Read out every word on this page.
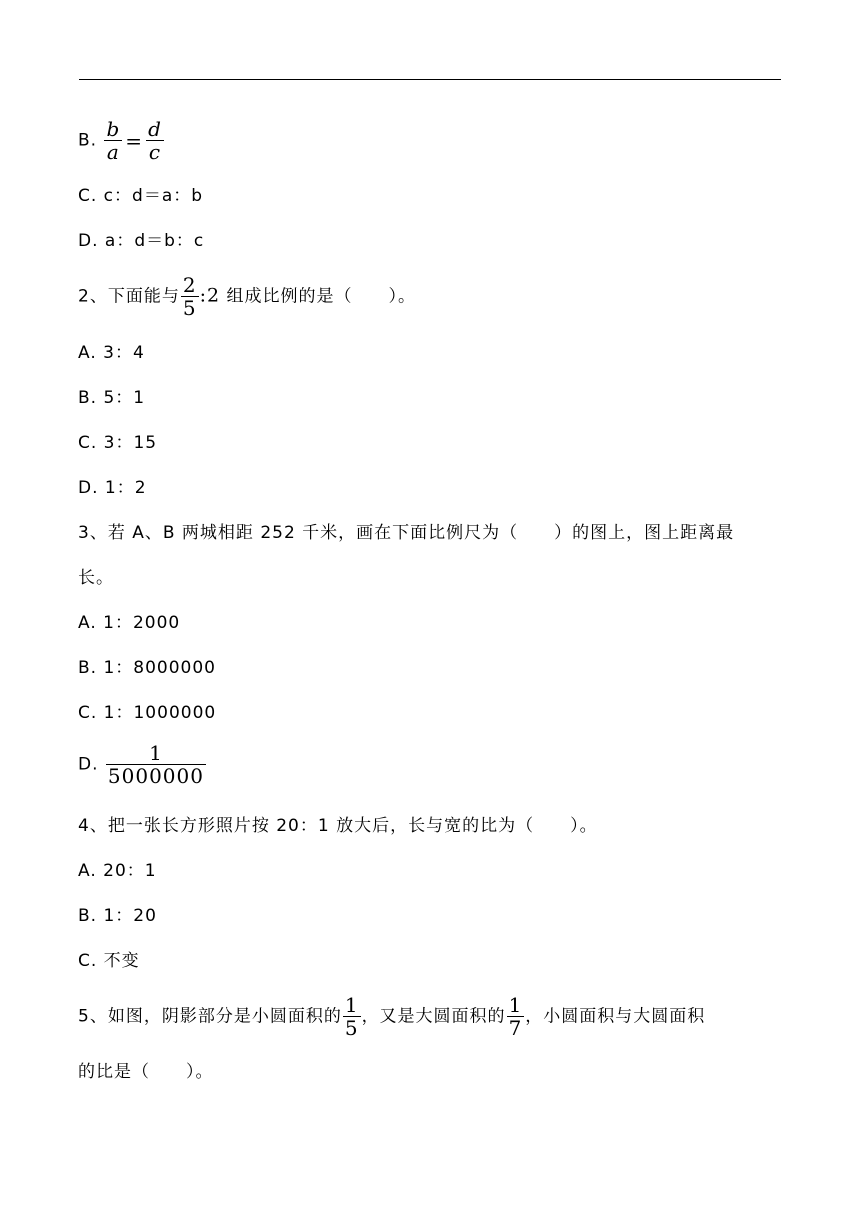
B. $\frac{b}{a} = \frac{d}{c}$
C. c：d＝a：b
D. a：d＝b：c
2、下面能与 $\frac{2}{5}$ :2 组成比例的是（　　）。
A. 3：4
B. 5：1
C. 3：15
D. 1：2
3、若 A、B 两城相距 252 千米，画在下面比例尺为（　　）的图上，图上距离最
长。
A. 1：2000
B. 1：8000000
C. 1：1000000
D. $\frac{1}{5000000}$
4、把一张长方形照片按 20：1 放大后，长与宽的比为（　　）。
A. 20：1
B. 1：20
C. 不变
5、如图，阴影部分是小圆面积的 $\frac{1}{5}$ ，又是大圆面积的 $\frac{1}{7}$ ，小圆面积与大圆面积
的比是（　　）。
